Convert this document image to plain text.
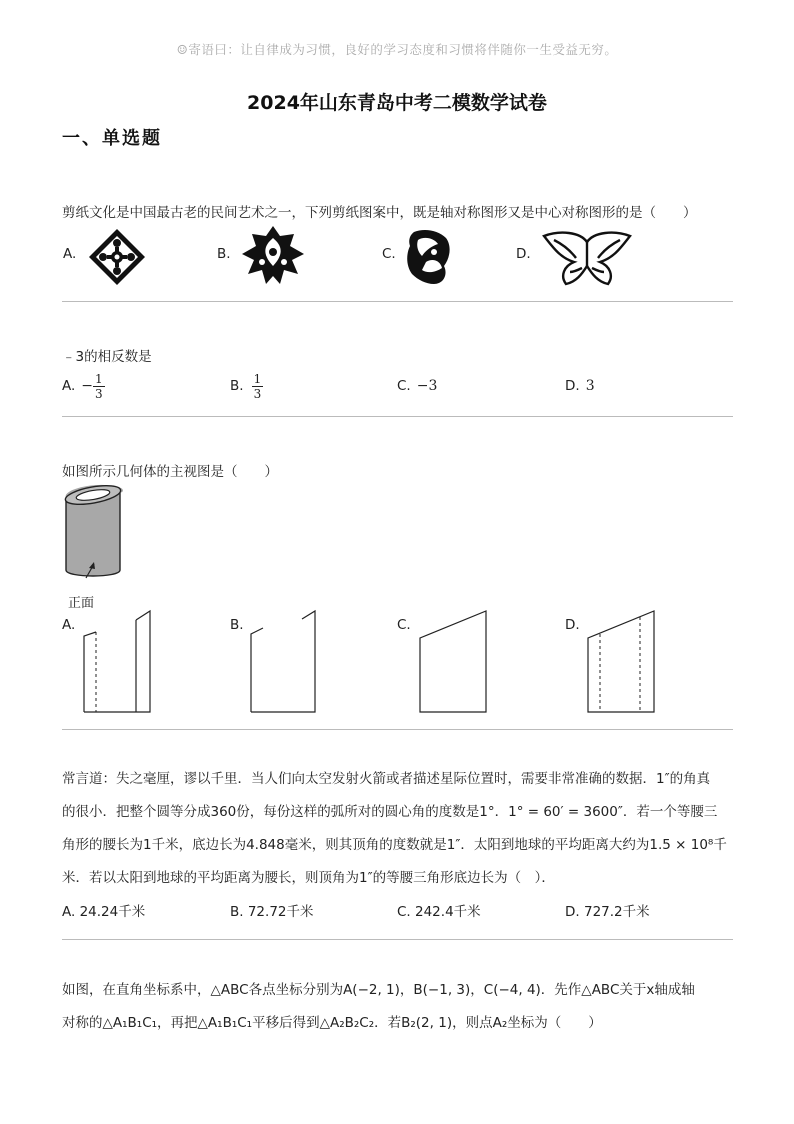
☺寄语曰：让自律成为习惯，良好的学习态度和习惯将伴随你一生受益无穷。
2024年山东青岛中考二模数学试卷
一、单选题
剪纸文化是中国最古老的民间艺术之一，下列剪纸图案中，既是轴对称图形又是中心对称图形的是（　　）
A.	B.	C.	D.
﹣3的相反数是
A. − $\frac{1}{3}$	B. $\frac{1}{3}$	C. −3	D. 3
如图所示几何体的主视图是（　　）
正面
A.	B.	C.	D.
常言道：失之毫厘，谬以千里．当人们向太空发射火箭或者描述星际位置时，需要非常准确的数据．1″的角真
的很小．把整个圆等分成360份，每份这样的弧所对的圆心角的度数是1°．1° = 60′ = 3600″．若一个等腰三
角形的腰长为1千米，底边长为4.848毫米，则其顶角的度数就是1″．太阳到地球的平均距离大约为1.5 × 10⁸千
米．若以太阳到地球的平均距离为腰长，则顶角为1″的等腰三角形底边长为（　）．
A. 24.24千米	B. 72.72千米	C. 242.4千米	D. 727.2千米
如图，在直角坐标系中，△ABC各点坐标分别为A(−2, 1)，B(−1, 3)，C(−4, 4)．先作△ABC关于x轴成轴
对称的△A₁B₁C₁，再把△A₁B₁C₁平移后得到△A₂B₂C₂．若B₂(2, 1)，则点A₂坐标为（　　）
